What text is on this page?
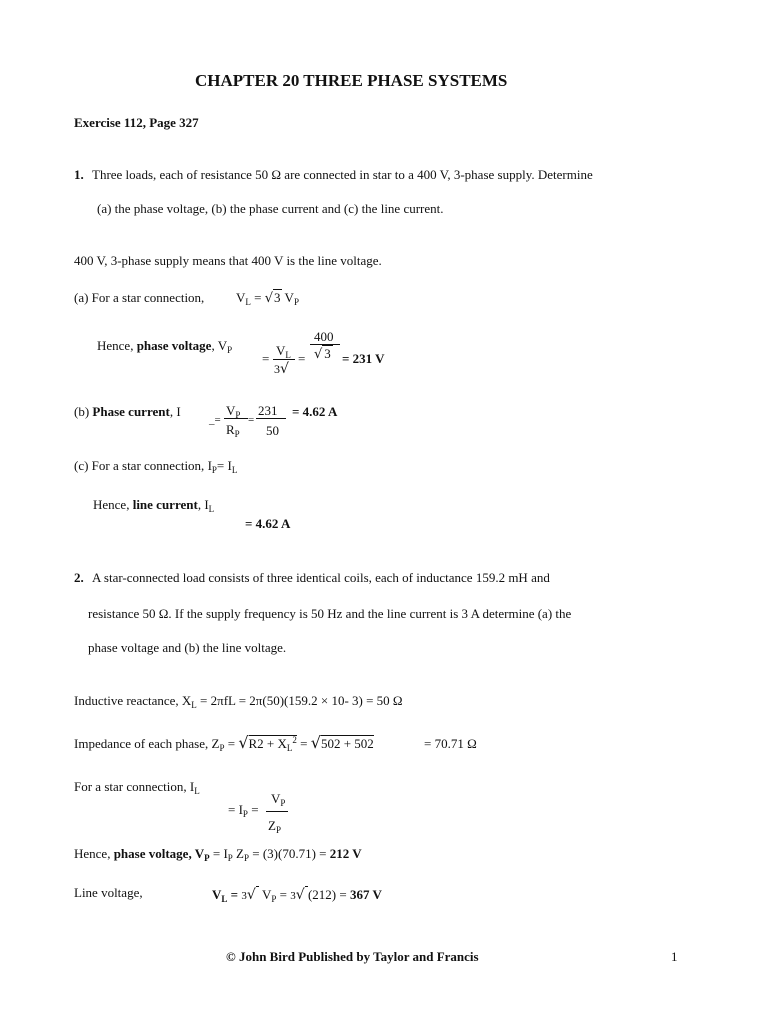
CHAPTER 20 THREE PHASE SYSTEMS
Exercise 112, Page 327
1. Three loads, each of resistance 50 Ω are connected in star to a 400 V, 3-phase supply. Determine
(a) the phase voltage, (b) the phase current and (c) the line current.
400 V, 3-phase supply means that 400 V is the line voltage.
(a) For a star connection, $V_L = √3$ $V_P$
Hence, phase voltage, $V_P$
=
$V_L$
3√
=
400
√ 3 = 231 V
(b) Phase current, I
_=
$V_P$
$R_P$
=
231
50
= 4.62 A
(c) For a star connection, $I_P= I_L$
Hence, line current, $I_L$
= 4.62 A
2. A star-connected load consists of three identical coils, each of inductance 159.2 mH and
resistance 50 Ω. If the supply frequency is 50 Hz and the line current is 3 A determine (a) the
phase voltage and (b) the line voltage.
Inductive reactance, $X_L = 2\pi fL = 2\pi(50)(159.2 \times 10-$ 3) = 50 Ω
Impedance of each phase, $Z_P = √R2 + X_L^2 = √502 + 502$	= 70.71 Ω
For a star connection, $I_L$
= $I_P$ =
$V_P$
$Z_P$
Hence, phase voltage, $V_P = I_P$ $Z_P = (3)(70.71) = 212$ V
Line voltage,	$V_L = 3√$ $V_P = 3√$ (212) = 367 V
© John Bird Published by Taylor and Francis	1
